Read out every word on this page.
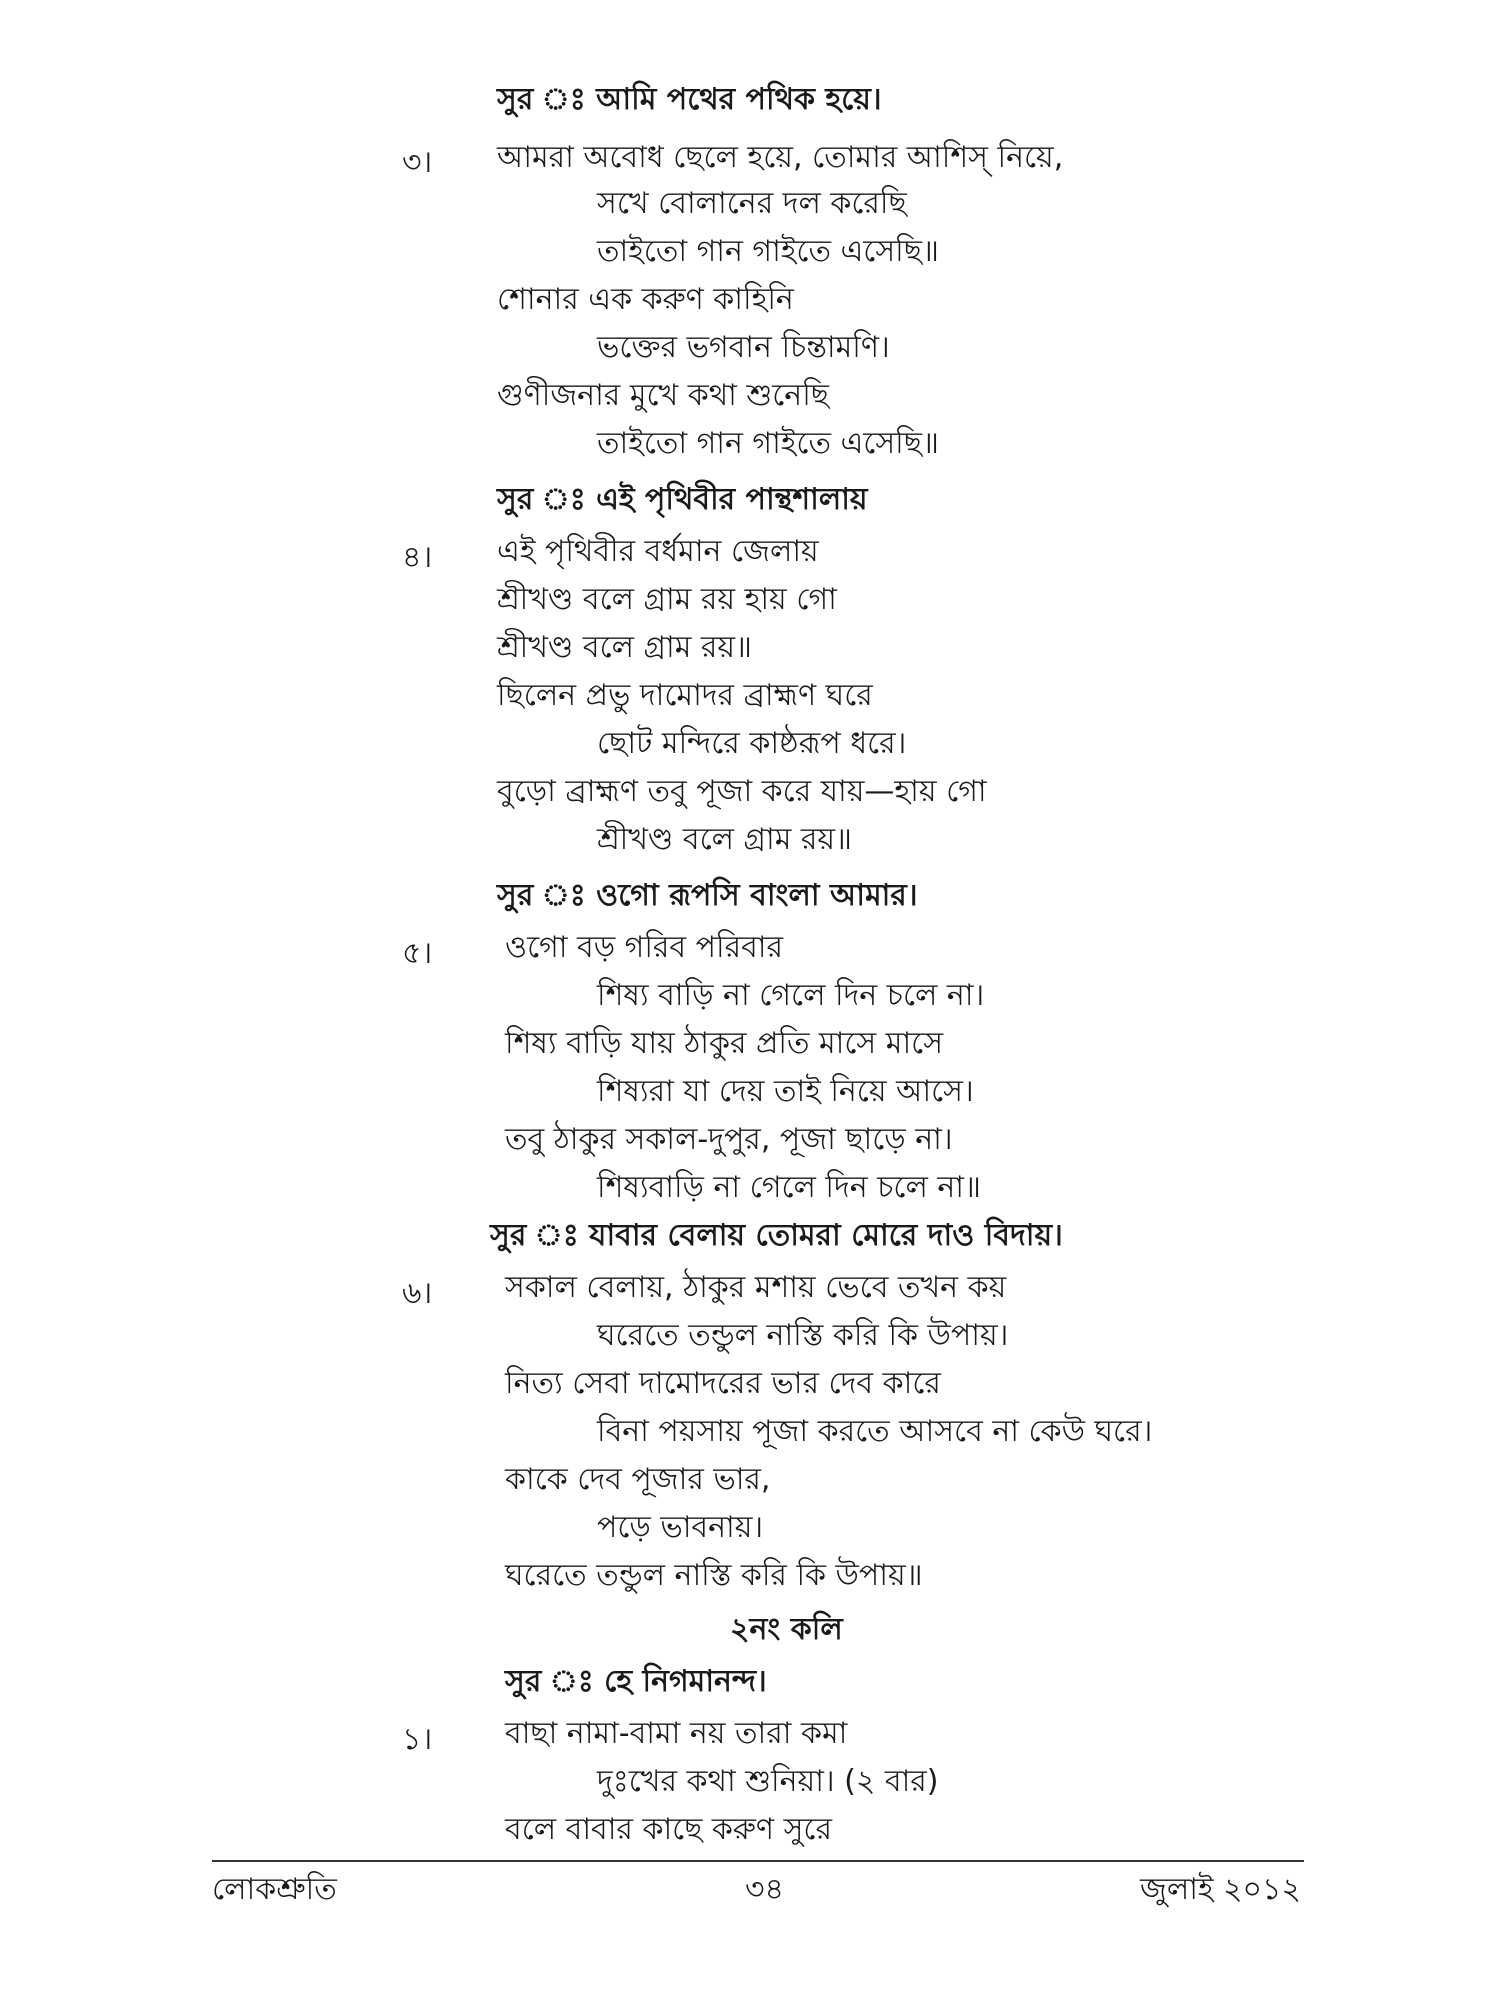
সুর ঃ আমি পথের পথিক হয়ে।
৩। আমরা অবোধ ছেলে হয়ে, তোমার আশিস্ নিয়ে,
সখে বোলানের দল করেছি
তাইতো গান গাইতে এসেছি॥
শোনার এক করুণ কাহিনি
ভক্তের ভগবান চিন্তামণি।
গুণীজনার মুখে কথা শুনেছি
তাইতো গান গাইতে এসেছি॥
সুর ঃ এই পৃথিবীর পান্থশালায়
৪। এই পৃথিবীর বর্ধমান জেলায়
শ্রীখণ্ড বলে গ্রাম রয় হায় গো
শ্রীখণ্ড বলে গ্রাম রয়॥
ছিলেন প্রভু দামোদর ব্রাহ্মণ ঘরে
ছোট মন্দিরে কাষ্ঠরূপ ধরে।
বুড়ো ব্রাহ্মণ তবু পূজা করে যায়—হায় গো
শ্রীখণ্ড বলে গ্রাম রয়॥
সুর ঃ ওগো রূপসি বাংলা আমার।
৫। ওগো বড় গরিব পরিবার
শিষ্য বাড়ি না গেলে দিন চলে না।
শিষ্য বাড়ি যায় ঠাকুর প্রতি মাসে মাসে
শিষ্যরা যা দেয় তাই নিয়ে আসে।
তবু ঠাকুর সকাল-দুপুর, পূজা ছাড়ে না।
শিষ্যবাড়ি না গেলে দিন চলে না॥
সুর ঃ যাবার বেলায় তোমরা মোরে দাও বিদায়।
৬। সকাল বেলায়, ঠাকুর মশায় ভেবে তখন কয়
ঘরেতে তন্ডুল নাস্তি করি কি উপায়।
নিত্য সেবা দামোদরের ভার দেব কারে
বিনা পয়সায় পূজা করতে আসবে না কেউ ঘরে।
কাকে দেব পূজার ভার,
পড়ে ভাবনায়।
ঘরেতে তন্ডুল নাস্তি করি কি উপায়॥
২নং কলি
সুর ঃ হে নিগমানন্দ।
১। বাছা নামা-বামা নয় তারা কমা
দুঃখের কথা শুনিয়া। (২ বার)
বলে বাবার কাছে করুণ সুরে
লোকশ্রুতি	৩৪	জুলাই ২০১২
